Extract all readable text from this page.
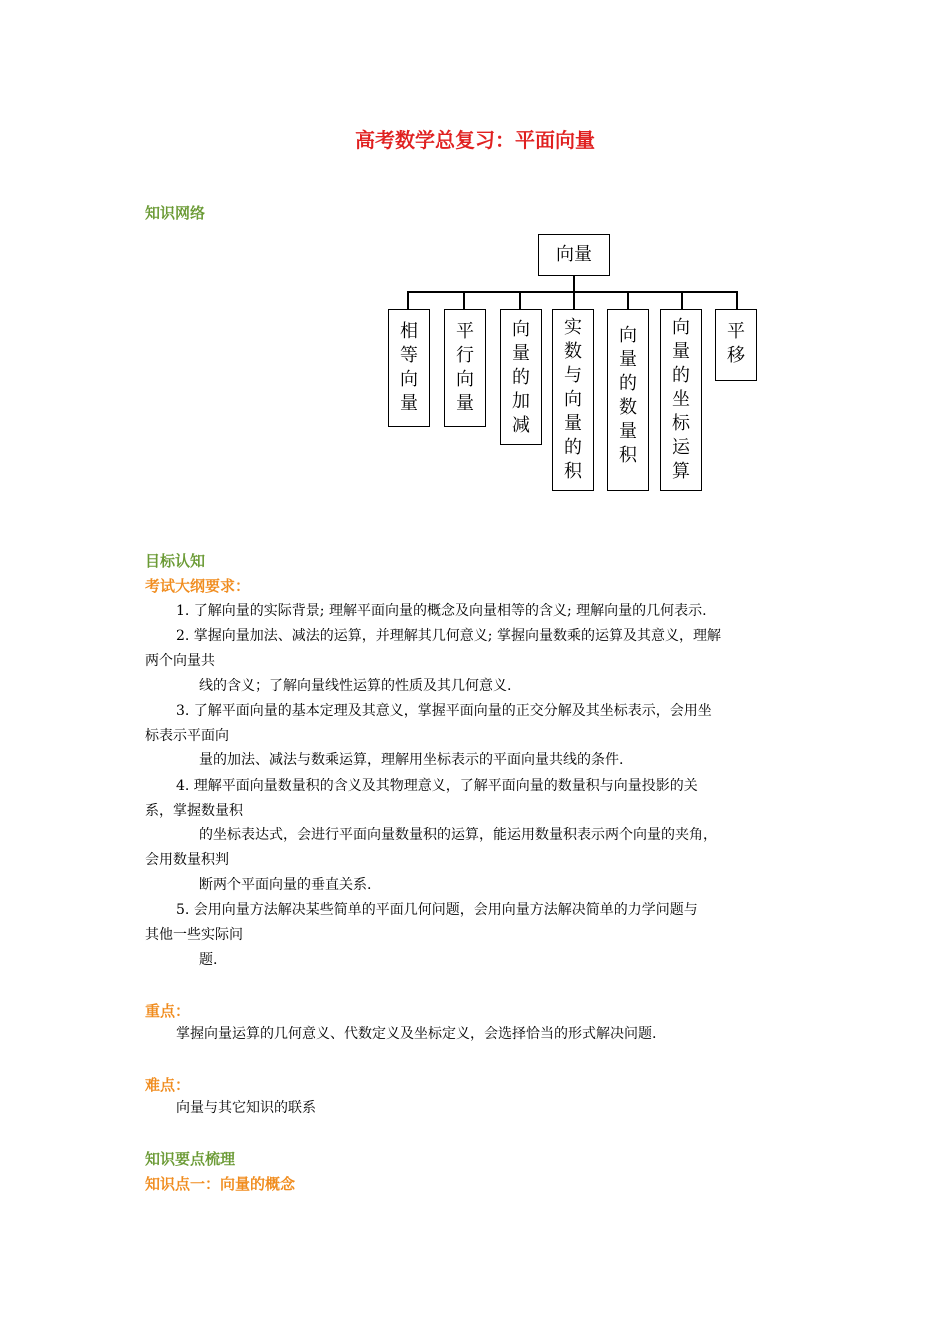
高考数学总复习：平面向量
知识网络
向量
相等向量
平行向量
向量的加减
实数与向量的积
向量的数量积
向量的坐标运算
平移
目标认知
考试大纲要求：
1. 了解向量的实际背景; 理解平面向量的概念及向量相等的含义; 理解向量的几何表示.
2. 掌握向量加法、减法的运算，并理解其几何意义; 掌握向量数乘的运算及其意义，理解
两个向量共
线的含义；了解向量线性运算的性质及其几何意义.
3. 了解平面向量的基本定理及其意义，掌握平面向量的正交分解及其坐标表示，会用坐
标表示平面向
量的加法、减法与数乘运算，理解用坐标表示的平面向量共线的条件.
4. 理解平面向量数量积的含义及其物理意义，了解平面向量的数量积与向量投影的关
系，掌握数量积
的坐标表达式，会进行平面向量数量积的运算，能运用数量积表示两个向量的夹角，
会用数量积判
断两个平面向量的垂直关系.
5. 会用向量方法解决某些简单的平面几何问题，会用向量方法解决简单的力学问题与
其他一些实际问
题.
重点：
掌握向量运算的几何意义、代数定义及坐标定义，会选择恰当的形式解决问题.
难点：
向量与其它知识的联系
知识要点梳理
知识点一：向量的概念
